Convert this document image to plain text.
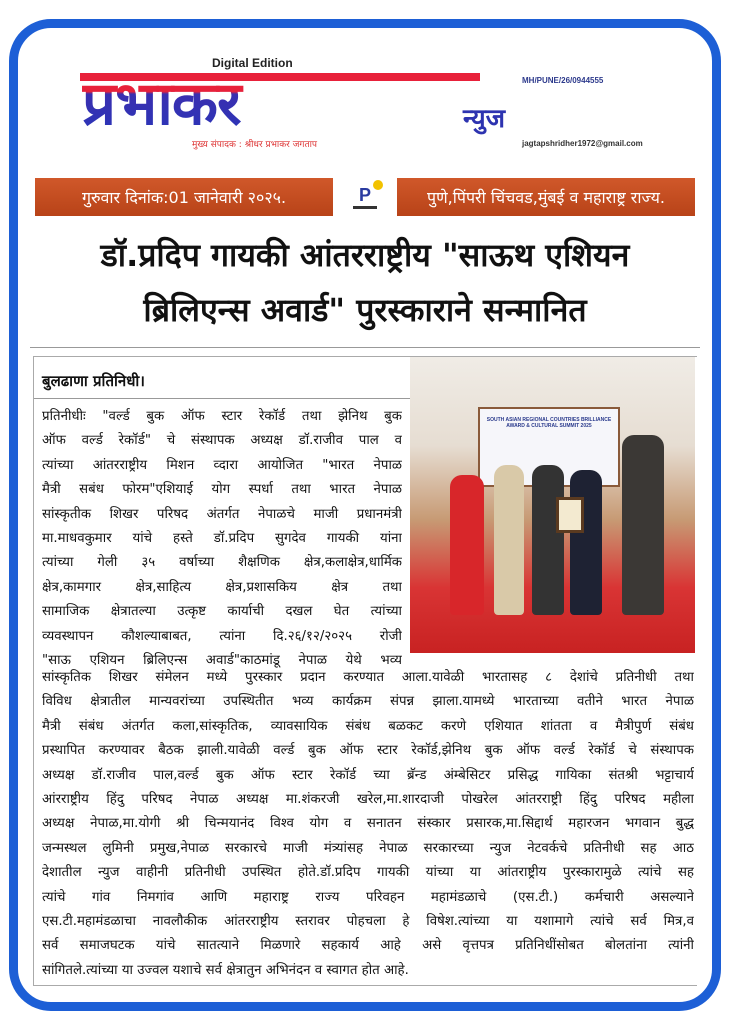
प्रभाकर
Digital Edition
न्युज
मुख्य संपादक : श्रीधर प्रभाकर जगताप
MH/PUNE/26/0944555
jagtapshridher1972@gmail.com
गुरुवार दिनांक:01 जानेवारी २०२५.	P	पुणे,पिंपरी चिंचवड,मुंबई व महाराष्ट्र राज्य.
डॉ.प्रदिप गायकी आंतरराष्ट्रीय "साऊथ एशियन
ब्रिलिएन्स अवार्ड" पुरस्काराने सन्मानित
बुलढाणा प्रतिनिधी।
SOUTH ASIAN REGIONAL COUNTRIES BRILLIANCE AWARD & CULTURAL SUMMIT 2025
प्रतिनीधीः "वर्ल्ड बुक ऑफ स्टार रेकॉर्ड तथा झेनिथ बुक
ऑफ वर्ल्ड रेकॉर्ड" चे संस्थापक अध्यक्ष डॉ.राजीव पाल व
त्यांच्या आंतरराष्ट्रीय मिशन व्दारा आयोजित "भारत नेपाळ
मैत्री सबंध फोरम"एशियाई योग स्पर्धा तथा भारत नेपाळ
सांस्कृतीक शिखर परिषद अंतर्गत नेपाळचे माजी प्रधानमंत्री
मा.माधवकुमार यांचे हस्ते डॉ.प्रदिप सुगदेव गायकी यांना
त्यांच्या गेली ३५ वर्षाच्या शैक्षणिक क्षेत्र,कलाक्षेत्र,धार्मिक
क्षेत्र,कामगार क्षेत्र,साहित्य क्षेत्र,प्रशासकिय क्षेत्र तथा
सामाजिक क्षेत्रातल्या उत्कृष्ट कार्याची दखल घेत त्यांच्या
व्यवस्थापन कौशल्याबाबत, त्यांना दि.२६/१२/२०२५ रोजी
"साऊ एशियन ब्रिलिएन्स अवार्ड"काठमांडू नेपाळ येथे भव्य
सांस्कृतिक शिखर संमेलन मध्ये पुरस्कार प्रदान करण्यात आला.यावेळी भारतासह ८ देशांचे प्रतिनीधी तथा
विविध क्षेत्रातील मान्यवरांच्या उपस्थितीत भव्य कार्यक्रम संपन्न झाला.यामध्ये भारताच्या वतीने भारत नेपाळ
मैत्री संबंध अंतर्गत कला,सांस्कृतिक, व्यावसायिक संबंध बळकट करणे एशियात शांतता व मैत्रीपुर्ण संबंध
प्रस्थापित करण्यावर बैठक झाली.यावेळी वर्ल्ड बुक ऑफ स्टार रेकॉर्ड,झेनिथ बुक ऑफ वर्ल्ड रेकॉर्ड चे संस्थापक
अध्यक्ष डॉ.राजीव पाल,वर्ल्ड बुक ऑफ स्टार रेकॉर्ड च्या ब्रॅन्ड अंम्बेसिटर प्रसिद्ध गायिका संतश्री भट्टाचार्य
आंरराष्ट्रीय हिंदु परिषद नेपाळ अध्यक्ष मा.शंकरजी खरेल,मा.शारदाजी पोखरेल आंतरराष्ट्री हिंदु परिषद महीला
अध्यक्ष नेपाळ,मा.योगी श्री चिन्मयानंद विश्व योग व सनातन संस्कार प्रसारक,मा.सिद्दार्थ महारजन भगवान बुद्ध
जन्मस्थल लुमिनी प्रमुख,नेपाळ सरकारचे माजी मंत्र्यांसह नेपाळ सरकारच्या न्युज नेटवर्कचे प्रतिनीधी सह आठ
देशातील न्युज वाहीनी प्रतिनीधी उपस्थित होते.डॉ.प्रदिप गायकी यांच्या या आंतराष्ट्रीय पुरस्कारामुळे त्यांचे सह
त्यांचे गांव निमगांव आणि महाराष्ट्र राज्य परिवहन महामंडळाचे (एस.टी.) कर्मचारी असल्याने
एस.टी.महामंडळाचा नावलौकीक आंतरराष्ट्रीय स्तरावर पोहचला हे विषेश.त्यांच्या या यशामागे त्यांचे सर्व मित्र,व
सर्व समाजघटक यांचे सातत्याने मिळणारे सहकार्य आहे असे वृत्तपत्र प्रतिनिधींसोबत बोलतांना त्यांनी
सांगितले.त्यांच्या या उज्वल यशाचे सर्व क्षेत्रातुन अभिनंदन व स्वागत होत आहे.
